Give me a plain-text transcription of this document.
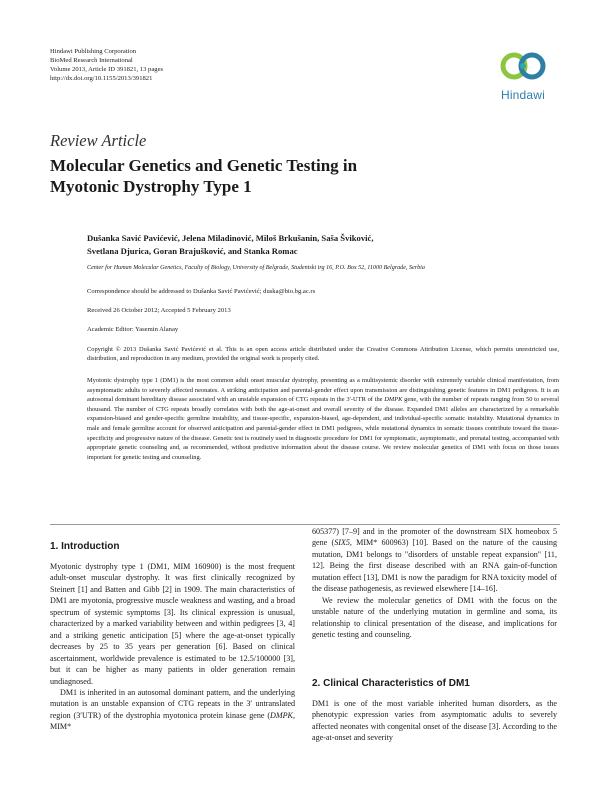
Hindawi Publishing Corporation
BioMed Research International
Volume 2013, Article ID 391821, 13 pages
http://dx.doi.org/10.1155/2013/391821
Hindawi
Review Article
Molecular Genetics and Genetic Testing in
Myotonic Dystrophy Type 1
Dušanka Savić Pavićević, Jelena Miladinović, Miloš Brkušanin, Saša Šviković,
Svetlana Djurica, Goran Brajušković, and Stanka Romac
Center for Human Molecular Genetics, Faculty of Biology, University of Belgrade, Studentski trg 16, P.O. Box 52, 11000 Belgrade, Serbia
Correspondence should be addressed to Dušanka Savić Pavićević; duska@bio.bg.ac.rs
Received 26 October 2012; Accepted 5 February 2013
Academic Editor: Yasemin Alanay
Copyright © 2013 Dušanka Savić Pavićević et al. This is an open access article distributed under the Creative Commons Attribution License, which permits unrestricted use, distribution, and reproduction in any medium, provided the original work is properly cited.
Myotonic dystrophy type 1 (DM1) is the most common adult onset muscular dystrophy, presenting as a multisystemic disorder with extremely variable clinical manifestation, from asymptomatic adults to severely affected neonates. A striking anticipation and parental-gender effect upon transmission are distinguishing genetic features in DM1 pedigrees. It is an autosomal dominant hereditary disease associated with an unstable expansion of CTG repeats in the 3′-UTR of the DMPK gene, with the number of repeats ranging from 50 to several thousand. The number of CTG repeats broadly correlates with both the age-at-onset and overall severity of the disease. Expanded DM1 alleles are characterized by a remarkable expansion-biased and gender-specific germline instability, and tissue-specific, expansion-biased, age-dependent, and individual-specific somatic instability. Mutational dynamics in male and female germline account for observed anticipation and parental-gender effect in DM1 pedigrees, while mutational dynamics in somatic tissues contribute toward the tissue-specificity and progressive nature of the disease. Genetic test is routinely used in diagnostic procedure for DM1 for symptomatic, asymptomatic, and prenatal testing, accompanied with appropriate genetic counseling and, as recommended, without predictive information about the disease course. We review molecular genetics of DM1 with focus on those issues important for genetic testing and counseling.
1. Introduction

Myotonic dystrophy type 1 (DM1, MIM 160900) is the most frequent adult-onset muscular dystrophy. It was first clinically recognized by Steinert [1] and Batten and Gibb [2] in 1909. The main characteristics of DM1 are myotonia, progressive muscle weakness and wasting, and a broad spectrum of systemic symptoms [3]. Its clinical expression is unusual, characterized by a marked variability between and within pedigrees [3, 4] and a striking genetic anticipation [5] where the age-at-onset typically decreases by 25 to 35 years per generation [6]. Based on clinical ascertainment, worldwide prevalence is estimated to be 12.5/100000 [3], but it can be higher as many patients in older generation remain undiagnosed.

DM1 is inherited in an autosomal dominant pattern, and the underlying mutation is an unstable expansion of CTG repeats in the 3′ untranslated region (3′UTR) of the dystrophia myotonica protein kinase gene (DMPK, MIM*

605377) [7–9] and in the promoter of the downstream SIX homeobox 5 gene (SIX5, MIM* 600963) [10]. Based on the nature of the causing mutation, DM1 belongs to "disorders of unstable repeat expansion" [11, 12]. Being the first disease described with an RNA gain-of-function mutation effect [13], DM1 is now the paradigm for RNA toxicity model of the disease pathogenesis, as reviewed elsewhere [14–16].

We review the molecular genetics of DM1 with the focus on the unstable nature of the underlying mutation in germline and soma, its relationship to clinical presentation of the disease, and implications for genetic testing and counseling.

2. Clinical Characteristics of DM1

DM1 is one of the most variable inherited human disorders, as the phenotypic expression varies from asymptomatic adults to severely affected neonates with congenital onset of the disease [3]. According to the age-at-onset and severity
